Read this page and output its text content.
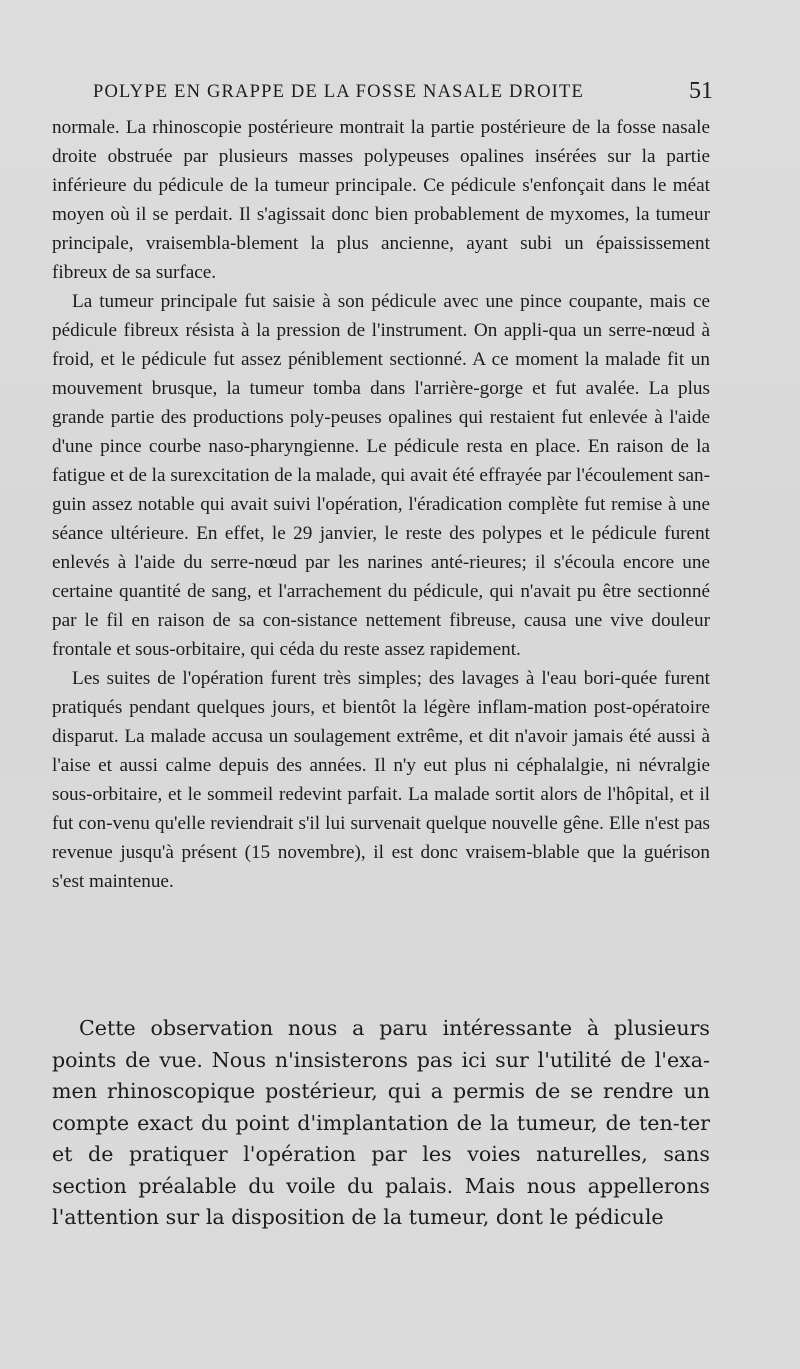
POLYPE EN GRAPPE DE LA FOSSE NASALE DROITE	51

normale. La rhinoscopie postérieure montrait la partie postérieure de la fosse nasale droite obstruée par plusieurs masses polypeuses opalines insérées sur la partie inférieure du pédicule de la tumeur principale. Ce pédicule s'enfonçait dans le méat moyen où il se perdait. Il s'agissait donc bien probablement de myxomes, la tumeur principale, vraisembla-blement la plus ancienne, ayant subi un épaississement fibreux de sa surface.

La tumeur principale fut saisie à son pédicule avec une pince coupante, mais ce pédicule fibreux résista à la pression de l'instrument. On appli-qua un serre-nœud à froid, et le pédicule fut assez péniblement sectionné. A ce moment la malade fit un mouvement brusque, la tumeur tomba dans l'arrière-gorge et fut avalée. La plus grande partie des productions poly-peuses opalines qui restaient fut enlevée à l'aide d'une pince courbe naso-pharyngienne. Le pédicule resta en place. En raison de la fatigue et de la surexcitation de la malade, qui avait été effrayée par l'écoulement san-guin assez notable qui avait suivi l'opération, l'éradication complète fut remise à une séance ultérieure. En effet, le 29 janvier, le reste des polypes et le pédicule furent enlevés à l'aide du serre-nœud par les narines anté-rieures; il s'écoula encore une certaine quantité de sang, et l'arrachement du pédicule, qui n'avait pu être sectionné par le fil en raison de sa con-sistance nettement fibreuse, causa une vive douleur frontale et sous-orbitaire, qui céda du reste assez rapidement.

Les suites de l'opération furent très simples; des lavages à l'eau bori-quée furent pratiqués pendant quelques jours, et bientôt la légère inflam-mation post-opératoire disparut. La malade accusa un soulagement extrême, et dit n'avoir jamais été aussi à l'aise et aussi calme depuis des années. Il n'y eut plus ni céphalalgie, ni névralgie sous-orbitaire, et le sommeil redevint parfait. La malade sortit alors de l'hôpital, et il fut con-venu qu'elle reviendrait s'il lui survenait quelque nouvelle gêne. Elle n'est pas revenue jusqu'à présent (15 novembre), il est donc vraisem-blable que la guérison s'est maintenue.

Cette observation nous a paru intéressante à plusieurs points de vue. Nous n'insisterons pas ici sur l'utilité de l'exa-men rhinoscopique postérieur, qui a permis de se rendre un compte exact du point d'implantation de la tumeur, de ten-ter et de pratiquer l'opération par les voies naturelles, sans section préalable du voile du palais. Mais nous appellerons l'attention sur la disposition de la tumeur, dont le pédicule
